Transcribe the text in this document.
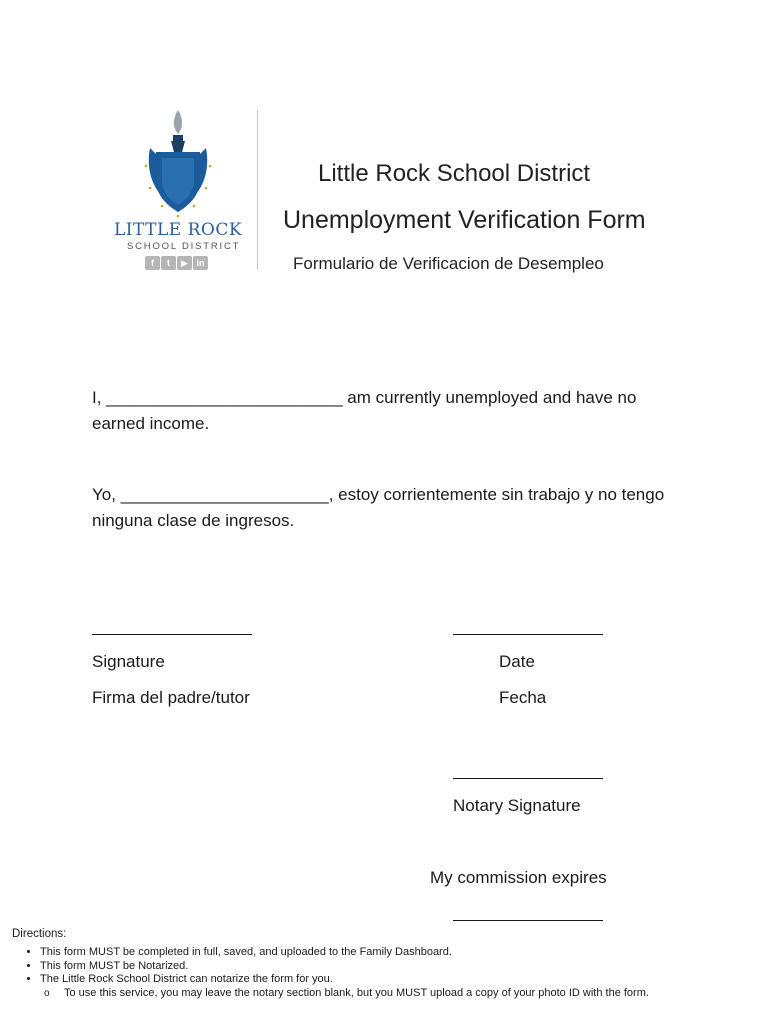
LITTLE ROCK
SCHOOL DISTRICT
f	t	▶ in
Little Rock School District
Unemployment Verification Form
Formulario de Verificacion de Desempleo
I, _________________________ am currently unemployed and have no earned income.
Yo, ______________________, estoy corrientemente sin trabajo y no tengo ninguna clase de ingresos.
Signature	Date
Firma del padre/tutor	Fecha
Notary Signature
My commission expires
Directions:
• This form MUST be completed in full, saved, and uploaded to the Family Dashboard.
• This form MUST be Notarized.
• The Little Rock School District can notarize the form for you.
o To use this service, you may leave the notary section blank, but you MUST upload a copy of your photo ID with the form.
